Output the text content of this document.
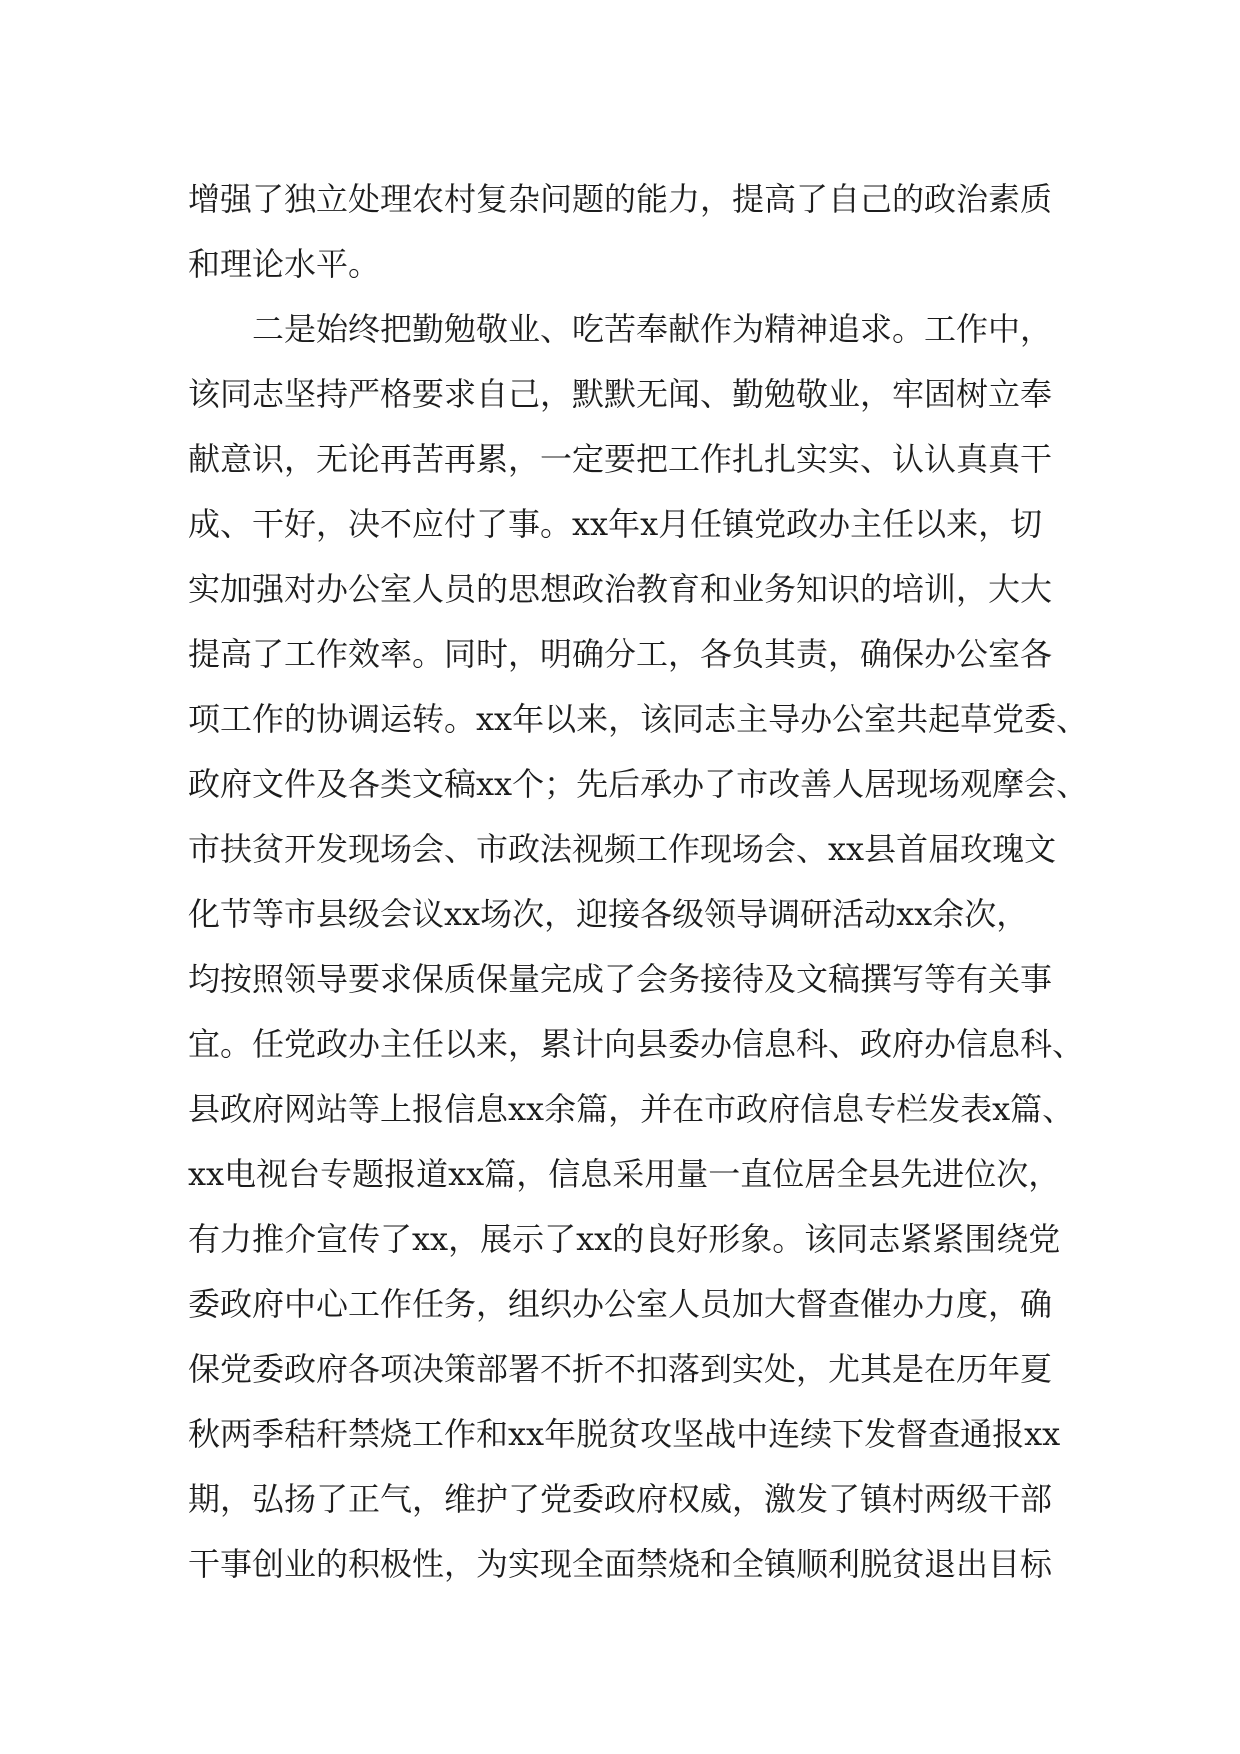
增强了独立处理农村复杂问题的能力，提高了自己的政治素质
和理论水平。
二是始终把勤勉敬业、吃苦奉献作为精神追求。工作中，
该同志坚持严格要求自己，默默无闻、勤勉敬业，牢固树立奉
献意识，无论再苦再累，一定要把工作扎扎实实、认认真真干
成、干好，决不应付了事。xx年x月任镇党政办主任以来，切
实加强对办公室人员的思想政治教育和业务知识的培训，大大
提高了工作效率。同时，明确分工，各负其责，确保办公室各
项工作的协调运转。xx年以来，该同志主导办公室共起草党委、
政府文件及各类文稿xx个；先后承办了市改善人居现场观摩会、
市扶贫开发现场会、市政法视频工作现场会、xx县首届玫瑰文
化节等市县级会议xx场次，迎接各级领导调研活动xx余次，
均按照领导要求保质保量完成了会务接待及文稿撰写等有关事
宜。任党政办主任以来，累计向县委办信息科、政府办信息科、
县政府网站等上报信息xx余篇，并在市政府信息专栏发表x篇、
xx电视台专题报道xx篇，信息采用量一直位居全县先进位次，
有力推介宣传了xx，展示了xx的良好形象。该同志紧紧围绕党
委政府中心工作任务，组织办公室人员加大督查催办力度，确
保党委政府各项决策部署不折不扣落到实处，尤其是在历年夏
秋两季秸秆禁烧工作和xx年脱贫攻坚战中连续下发督查通报xx
期，弘扬了正气，维护了党委政府权威，激发了镇村两级干部
干事创业的积极性，为实现全面禁烧和全镇顺利脱贫退出目标
